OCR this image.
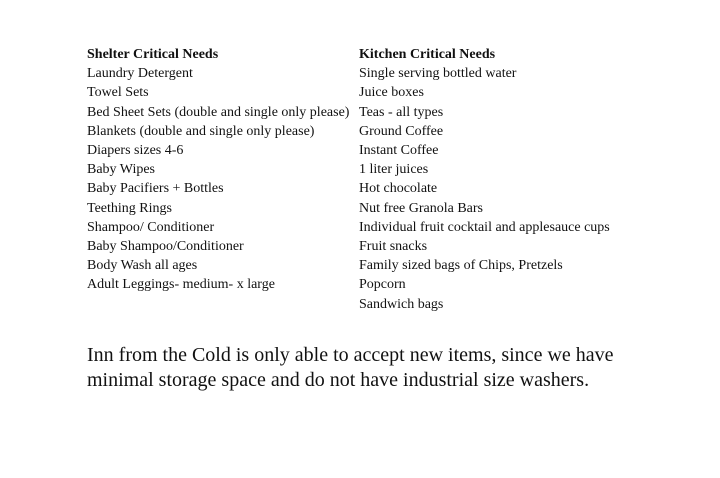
Shelter Critical Needs

Laundry Detergent
Towel Sets
Bed Sheet Sets (double and single only please)
Blankets (double and single only please)
Diapers sizes 4-6
Baby Wipes
Baby Pacifiers + Bottles
Teething Rings
Shampoo/ Conditioner
Baby Shampoo/Conditioner
Body Wash all ages
Adult Leggings- medium- x large

Kitchen Critical Needs

Single serving bottled water
Juice boxes
Teas - all types
Ground Coffee
Instant Coffee
1 liter juices
Hot chocolate
Nut free Granola Bars
Individual fruit cocktail and applesauce cups
Fruit snacks
Family sized bags of Chips, Pretzels
Popcorn
Sandwich bags

Inn from the Cold is only able to accept new items, since we have minimal storage space and do not have industrial size washers.
